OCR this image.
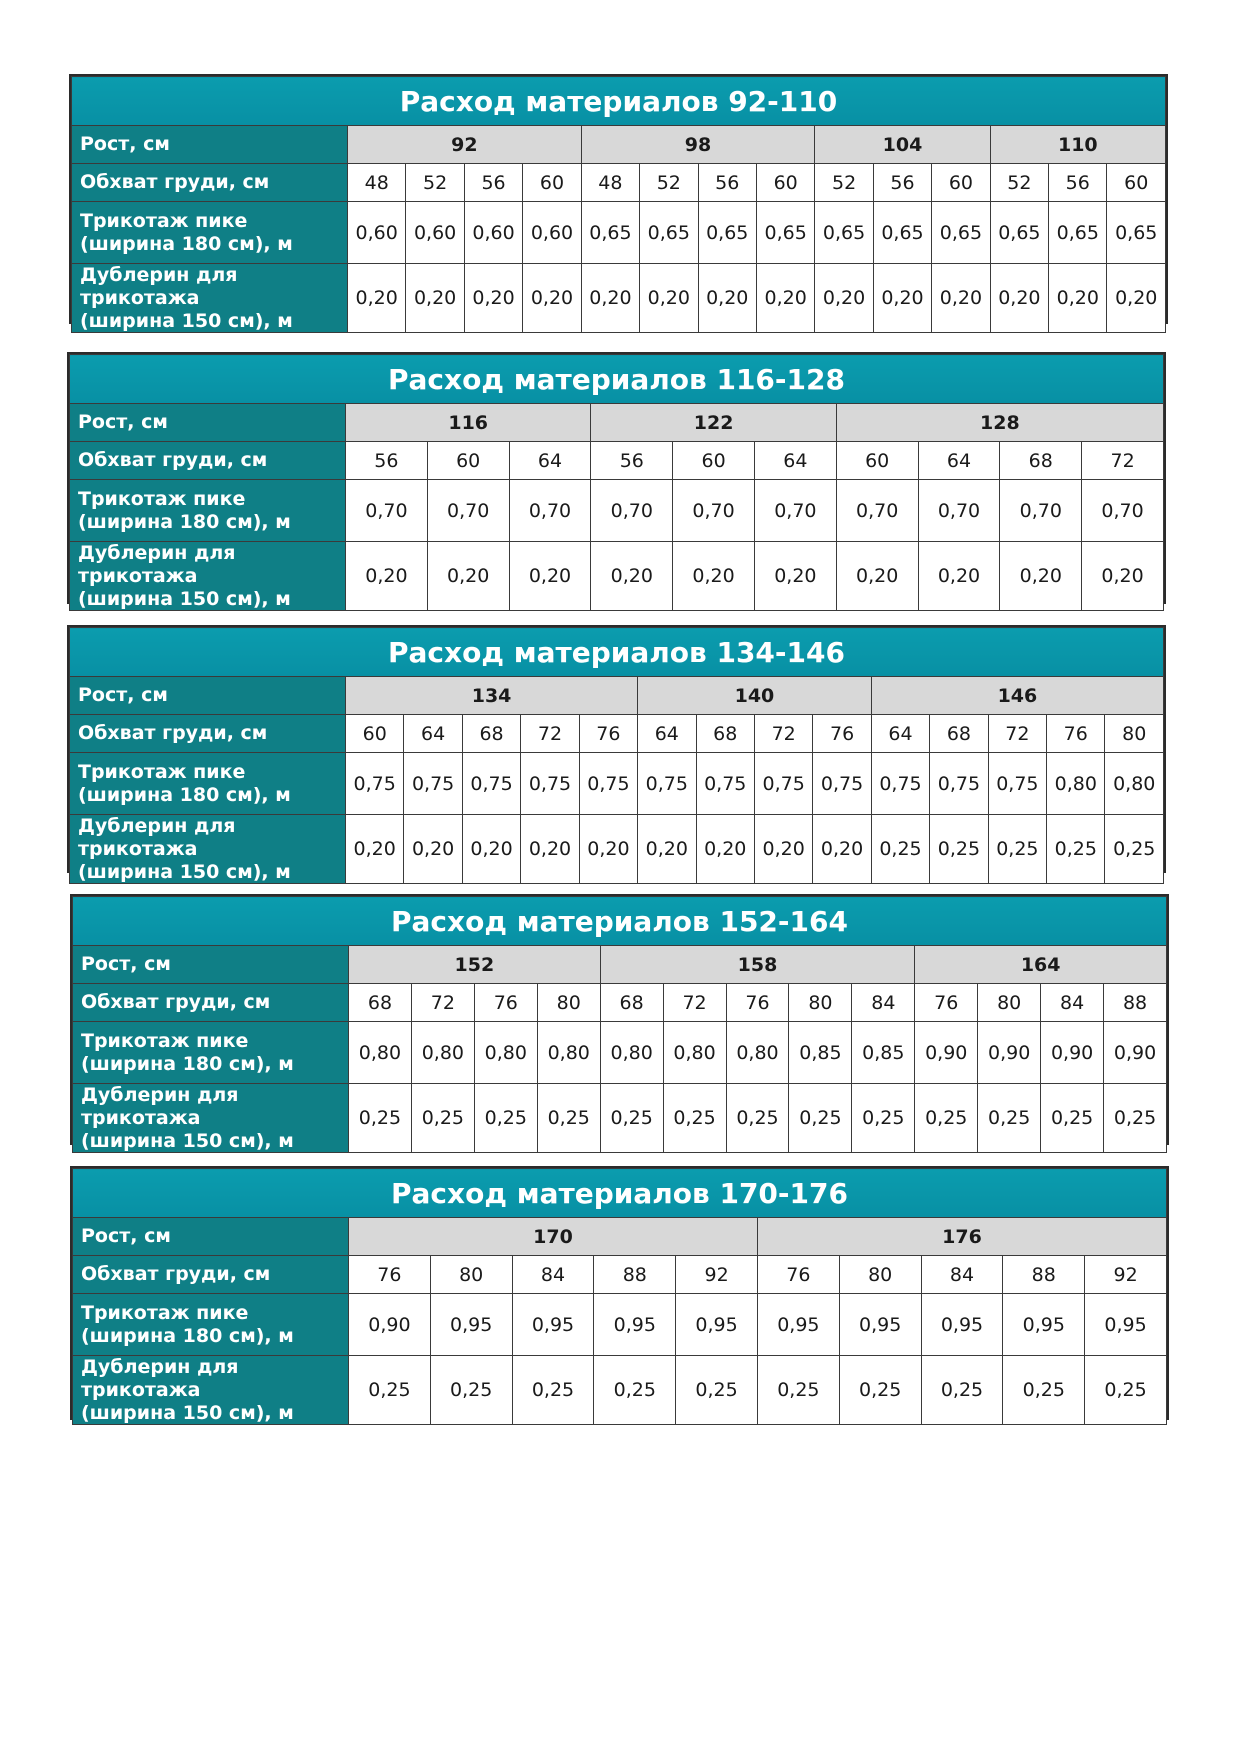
Расход материалов 92-110														
Рост, см	92				98				104			110		
Обхват груди, см	48	52	56	60	48	52	56	60	52	56	60	52	56	60
Трикотаж пике
(ширина 180 см), м	0,60	0,60	0,60	0,60	0,65	0,65	0,65	0,65	0,65	0,65	0,65	0,65	0,65	0,65
Дублерин для трикотажа
(ширина 150 см), м	0,20	0,20	0,20	0,20	0,20	0,20	0,20	0,20	0,20	0,20	0,20	0,20	0,20	0,20
Расход материалов 116-128										
Рост, см	116			122			128			
Обхват груди, см	56	60	64	56	60	64	60	64	68	72
Трикотаж пике
(ширина 180 см), м	0,70	0,70	0,70	0,70	0,70	0,70	0,70	0,70	0,70	0,70
Дублерин для трикотажа
(ширина 150 см), м	0,20	0,20	0,20	0,20	0,20	0,20	0,20	0,20	0,20	0,20
Расход материалов 134-146														
Рост, см	134					140				146				
Обхват груди, см	60	64	68	72	76	64	68	72	76	64	68	72	76	80
Трикотаж пике
(ширина 180 см), м	0,75	0,75	0,75	0,75	0,75	0,75	0,75	0,75	0,75	0,75	0,75	0,75	0,80	0,80
Дублерин для трикотажа
(ширина 150 см), м	0,20	0,20	0,20	0,20	0,20	0,20	0,20	0,20	0,20	0,25	0,25	0,25	0,25	0,25
Расход материалов 152-164													
Рост, см	152				158					164			
Обхват груди, см	68	72	76	80	68	72	76	80	84	76	80	84	88
Трикотаж пике
(ширина 180 см), м	0,80	0,80	0,80	0,80	0,80	0,80	0,80	0,85	0,85	0,90	0,90	0,90	0,90
Дублерин для трикотажа
(ширина 150 см), м	0,25	0,25	0,25	0,25	0,25	0,25	0,25	0,25	0,25	0,25	0,25	0,25	0,25
Расход материалов 170-176										
Рост, см	170					176				
Обхват груди, см	76	80	84	88	92	76	80	84	88	92
Трикотаж пике
(ширина 180 см), м	0,90	0,95	0,95	0,95	0,95	0,95	0,95	0,95	0,95	0,95
Дублерин для трикотажа
(ширина 150 см), м	0,25	0,25	0,25	0,25	0,25	0,25	0,25	0,25	0,25	0,25
